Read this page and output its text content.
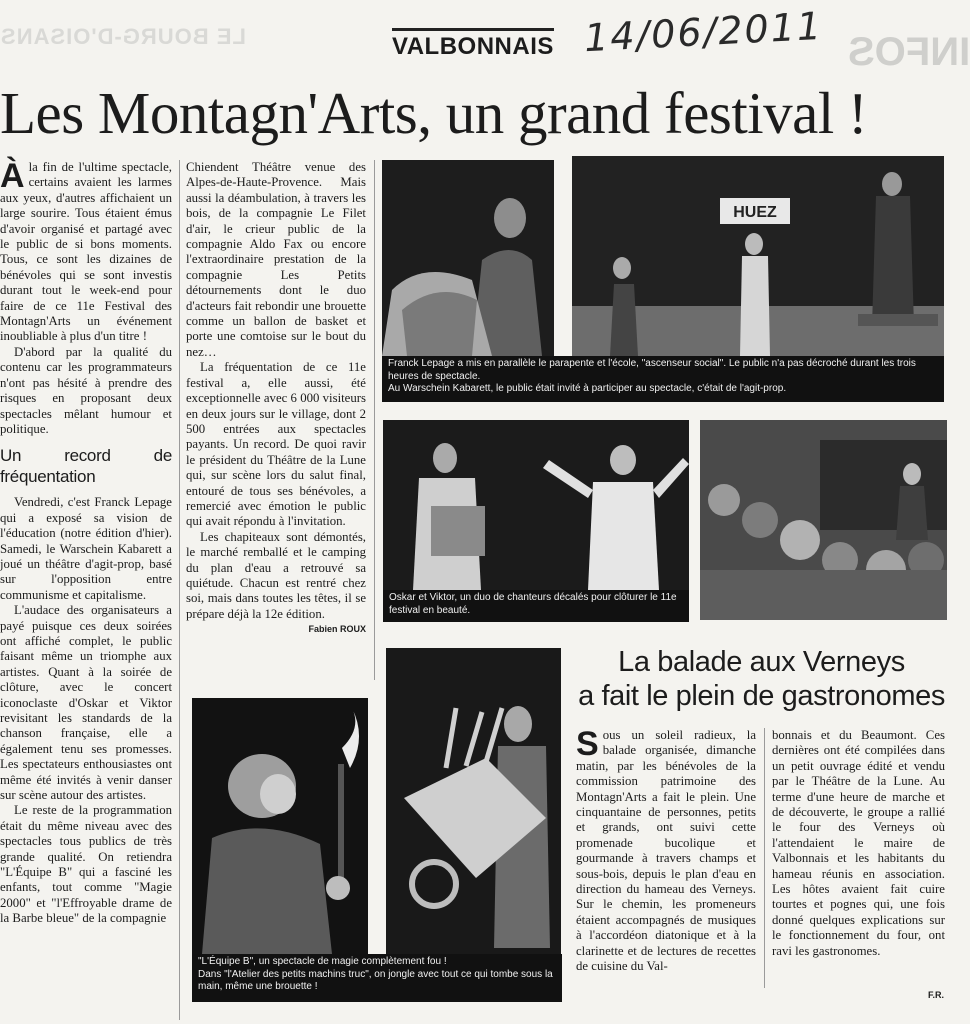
LE BOURG-D'OISANS	INFOS
VALBONNAIS 14/06/2011
Les Montagn'Arts, un grand festival !

Àla fin de l'ultime spectacle, certains avaient les larmes aux yeux, d'autres affichaient un large sourire. Tous étaient émus d'avoir organisé et partagé avec le public de si bons moments. Tous, ce sont les dizaines de bénévoles qui se sont investis durant tout le week-end pour faire de ce 11e Festival des Montagn'Arts un événement inoubliable à plus d'un titre !

D'abord par la qualité du contenu car les programmateurs n'ont pas hésité à prendre des risques en proposant deux spectacles mêlant humour et politique.

Un record de fréquentation

Vendredi, c'est Franck Lepage qui a exposé sa vision de l'éducation (notre édition d'hier). Samedi, le Warschein Kabarett a joué un théâtre d'agit-prop, basé sur l'opposition entre communisme et capitalisme.

L'audace des organisateurs a payé puisque ces deux soirées ont affiché complet, le public faisant même un triomphe aux artistes. Quant à la soirée de clôture, avec le concert iconoclaste d'Oskar et Viktor revisitant les standards de la chanson française, elle a également tenu ses promesses. Les spectateurs enthousiastes ont même été invités à venir danser sur scène autour des artistes.

Le reste de la programmation était du même niveau avec des spectacles tous publics de très grande qualité. On retiendra "L'Équipe B" qui a fasciné les enfants, tout comme "Magie 2000" et "l'Effroyable drame de la Barbe bleue" de la compagnie

Chiendent Théâtre venue des Alpes-de-Haute-Provence. Mais aussi la déambulation, à travers les bois, de la compagnie Le Filet d'air, le crieur public de la compagnie Aldo Fax ou encore l'extraordinaire prestation de la compagnie Les Petits détournements dont le duo d'acteurs fait rebondir une brouette comme un ballon de basket et porte une comtoise sur le bout du nez…

La fréquentation de ce 11e festival a, elle aussi, été exceptionnelle avec 6 000 visiteurs en deux jours sur le village, dont 2 500 entrées aux spectacles payants. Un record. De quoi ravir le président du Théâtre de la Lune qui, sur scène lors du salut final, entouré de tous ses bénévoles, a remercié avec émotion le public qui avait répondu à l'invitation.

Les chapiteaux sont démontés, le marché remballé et le camping du plan d'eau a retrouvé sa quiétude. Chacun est rentré chez soi, mais dans toutes les têtes, il se prépare déjà la 12e édition.

Fabien ROUX
HUEZ
Franck Lepage a mis en parallèle le parapente et l'école, "ascenseur social". Le public n'a pas décroché durant les trois heures de spectacle.
Au Warschein Kabarett, le public était invité à participer au spectacle, c'était de l'agit-prop.
Oskar et Viktor, un duo de chanteurs décalés pour clôturer le 11e festival en beauté.
La balade aux Verneys
a fait le plein de gastronomes

Sous un soleil radieux, la balade organisée, dimanche matin, par les bénévoles de la commission patrimoine des Montagn'Arts a fait le plein. Une cinquantaine de personnes, petits et grands, ont suivi cette promenade bucolique et gourmande à travers champs et sous-bois, depuis le plan d'eau en direction du hameau des Verneys. Sur le chemin, les promeneurs étaient accompagnés de musiques à l'accordéon diatonique et à la clarinette et de lectures de recettes de cuisine du Val-

bonnais et du Beaumont. Ces dernières ont été compilées dans un petit ouvrage édité et vendu par le Théâtre de la Lune. Au terme d'une heure de marche et de découverte, le groupe a rallié le four des Verneys où l'attendaient le maire de Valbonnais et les habitants du hameau réunis en association. Les hôtes avaient fait cuire tourtes et pognes qui, une fois donné quelques explications sur le fonctionnement du four, ont ravi les gastronomes.

F.R.
"L'Équipe B", un spectacle de magie complètement fou !
Dans "l'Atelier des petits machins truc", on jongle avec tout ce qui tombe sous la main, même une brouette !
